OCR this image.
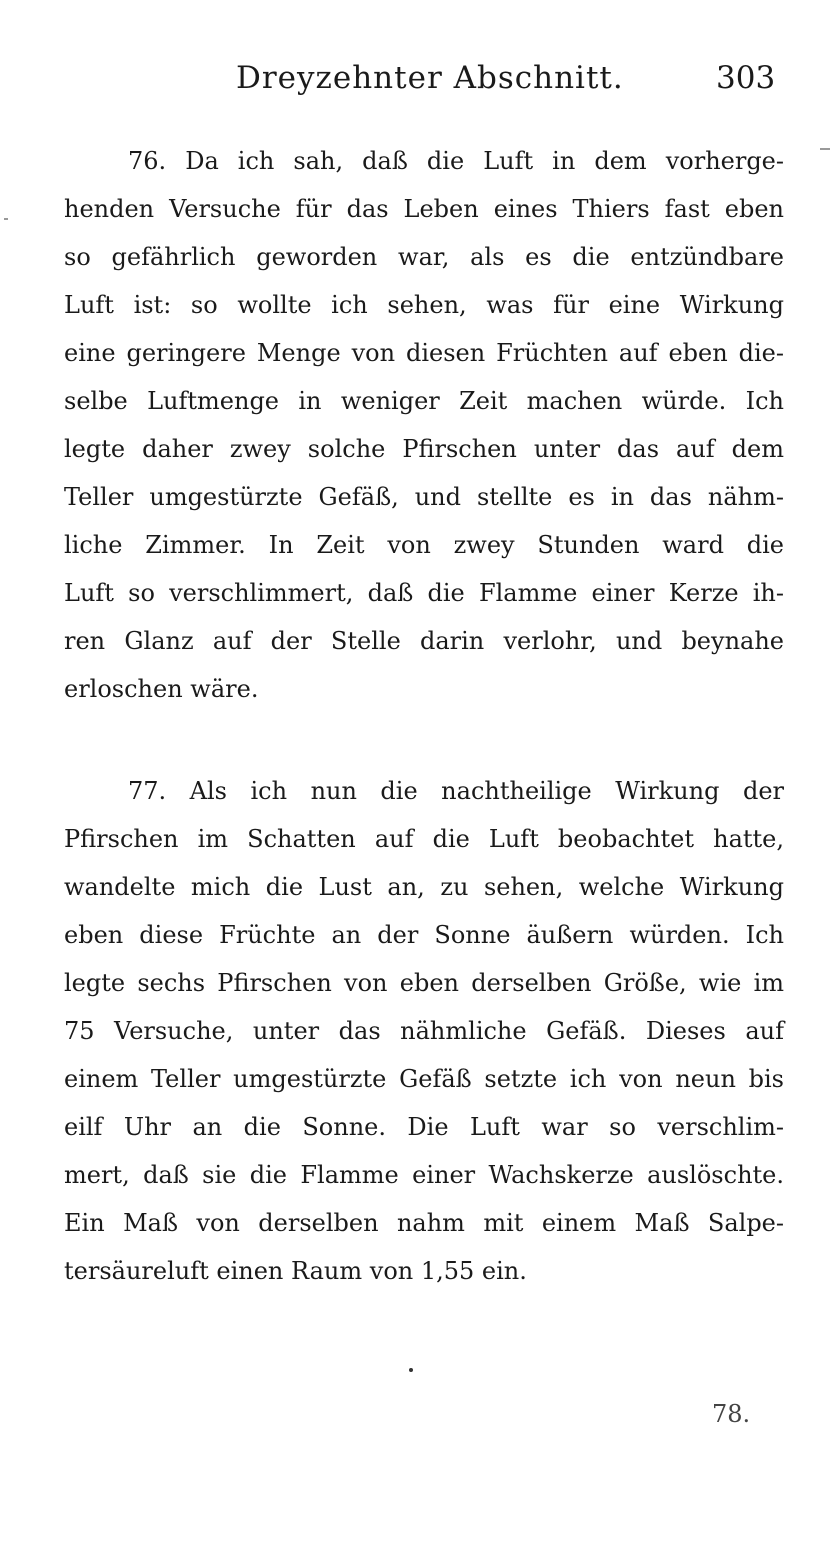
Dreyzehnter Abschnitt.	303
76. Da ich sah, daß die Luft in dem vorherge-
henden Versuche für das Leben eines Thiers fast eben
so gefährlich geworden war, als es die entzündbare
Luft ist: so wollte ich sehen, was für eine Wirkung
eine geringere Menge von diesen Früchten auf eben die-
selbe Luftmenge in weniger Zeit machen würde. Ich
legte daher zwey solche Pfirschen unter das auf dem
Teller umgestürzte Gefäß, und stellte es in das nähm-
liche Zimmer. In Zeit von zwey Stunden ward die
Luft so verschlimmert, daß die Flamme einer Kerze ih-
ren Glanz auf der Stelle darin verlohr, und beynahe
erloschen wäre.
77. Als ich nun die nachtheilige Wirkung der
Pfirschen im Schatten auf die Luft beobachtet hatte,
wandelte mich die Lust an, zu sehen, welche Wirkung
eben diese Früchte an der Sonne äußern würden. Ich
legte sechs Pfirschen von eben derselben Größe, wie im
75 Versuche, unter das nähmliche Gefäß. Dieses auf
einem Teller umgestürzte Gefäß setzte ich von neun bis
eilf Uhr an die Sonne. Die Luft war so verschlim-
mert, daß sie die Flamme einer Wachskerze auslöschte.
Ein Maß von derselben nahm mit einem Maß Salpe-
tersäureluft einen Raum von 1,55 ein.
78.
